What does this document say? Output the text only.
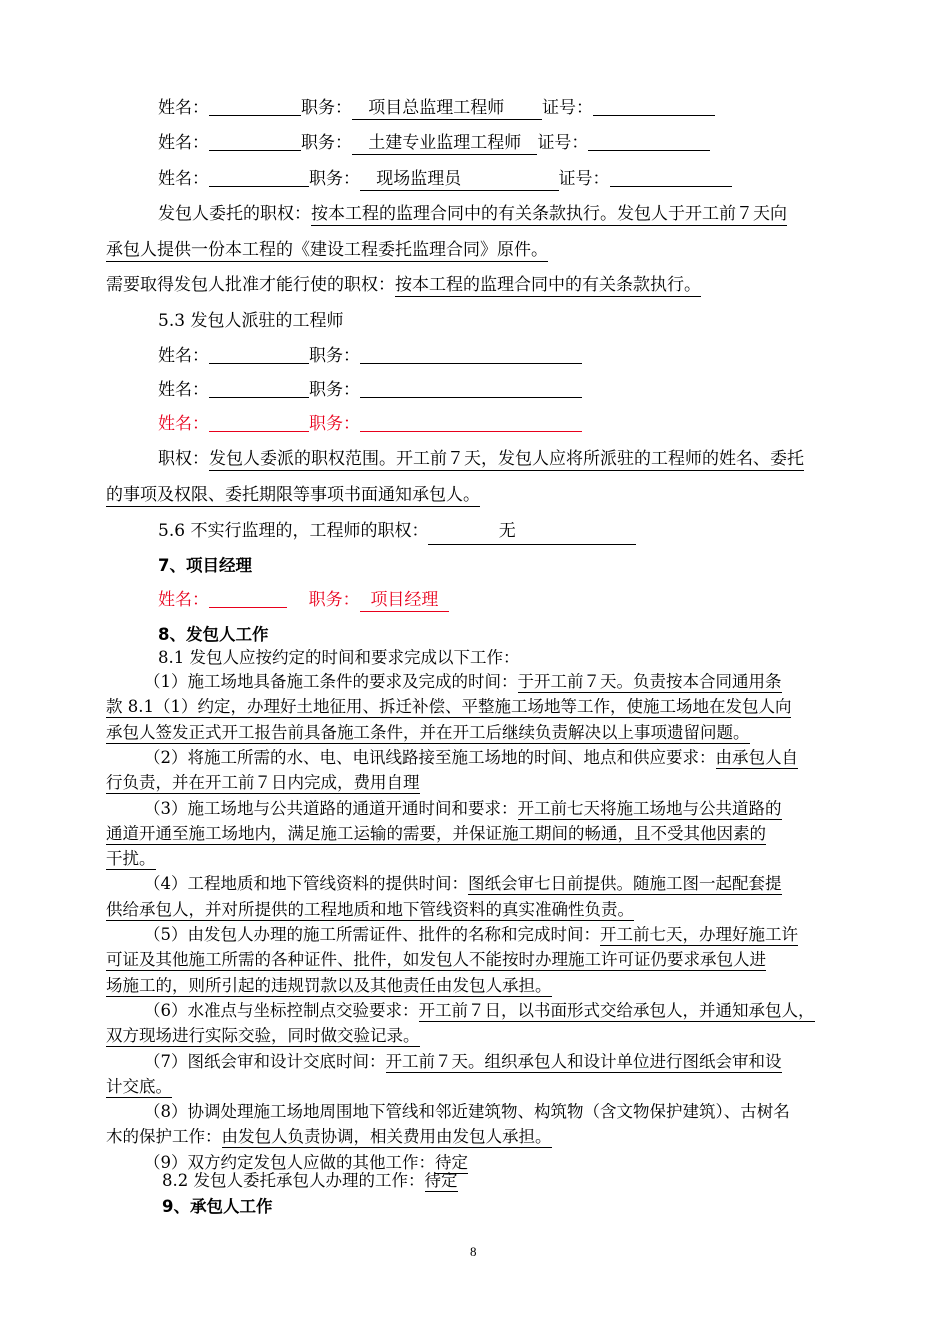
姓名：	职务： 项目总监理工程师 证号：
姓名：	职务： 土建专业监理工程师 证号：
姓名：	职务： 现场监理员	证号：
发包人委托的职权：按本工程的监理合同中的有关条款执行。发包人于开工前７天向
承包人提供一份本工程的《建设工程委托监理合同》原件。
需要取得发包人批准才能行使的职权：按本工程的监理合同中的有关条款执行。
5.3 发包人派驻的工程师
姓名：	职务：
姓名：	职务：
姓名：	职务：
职权：发包人委派的职权范围。开工前７天，发包人应将所派驻的工程师的姓名、委托
的事项及权限、委托期限等事项书面通知承包人。
5.6 不实行监理的，工程师的职权：	无
7、项目经理
姓名：	职务： 项目经理
8、发包人工作
8.1 发包人应按约定的时间和要求完成以下工作：
（1）施工场地具备施工条件的要求及完成的时间：于开工前７天。负责按本合同通用条
款 8.1（1）约定，办理好土地征用、拆迁补偿、平整施工场地等工作，使施工场地在发包人向
承包人签发正式开工报告前具备施工条件，并在开工后继续负责解决以上事项遗留问题。
（2）将施工所需的水、电、电讯线路接至施工场地的时间、地点和供应要求：由承包人自
行负责，并在开工前７日内完成，费用自理
（3）施工场地与公共道路的通道开通时间和要求：开工前七天将施工场地与公共道路的
通道开通至施工场地内，满足施工运输的需要，并保证施工期间的畅通，且不受其他因素的
干扰。
（4）工程地质和地下管线资料的提供时间：图纸会审七日前提供。随施工图一起配套提
供给承包人，并对所提供的工程地质和地下管线资料的真实准确性负责。
（5）由发包人办理的施工所需证件、批件的名称和完成时间：开工前七天，办理好施工许
可证及其他施工所需的各种证件、批件，如发包人不能按时办理施工许可证仍要求承包人进
场施工的，则所引起的违规罚款以及其他责任由发包人承担。
（6）水准点与坐标控制点交验要求：开工前７日，以书面形式交给承包人，并通知承包人，
双方现场进行实际交验，同时做交验记录。
（7）图纸会审和设计交底时间：开工前７天。组织承包人和设计单位进行图纸会审和设
计交底。
（8）协调处理施工场地周围地下管线和邻近建筑物、构筑物（含文物保护建筑）、古树名
木的保护工作：由发包人负责协调，相关费用由发包人承担。
（9）双方约定发包人应做的其他工作：待定
8.2 发包人委托承包人办理的工作：待定
9、承包人工作
8
